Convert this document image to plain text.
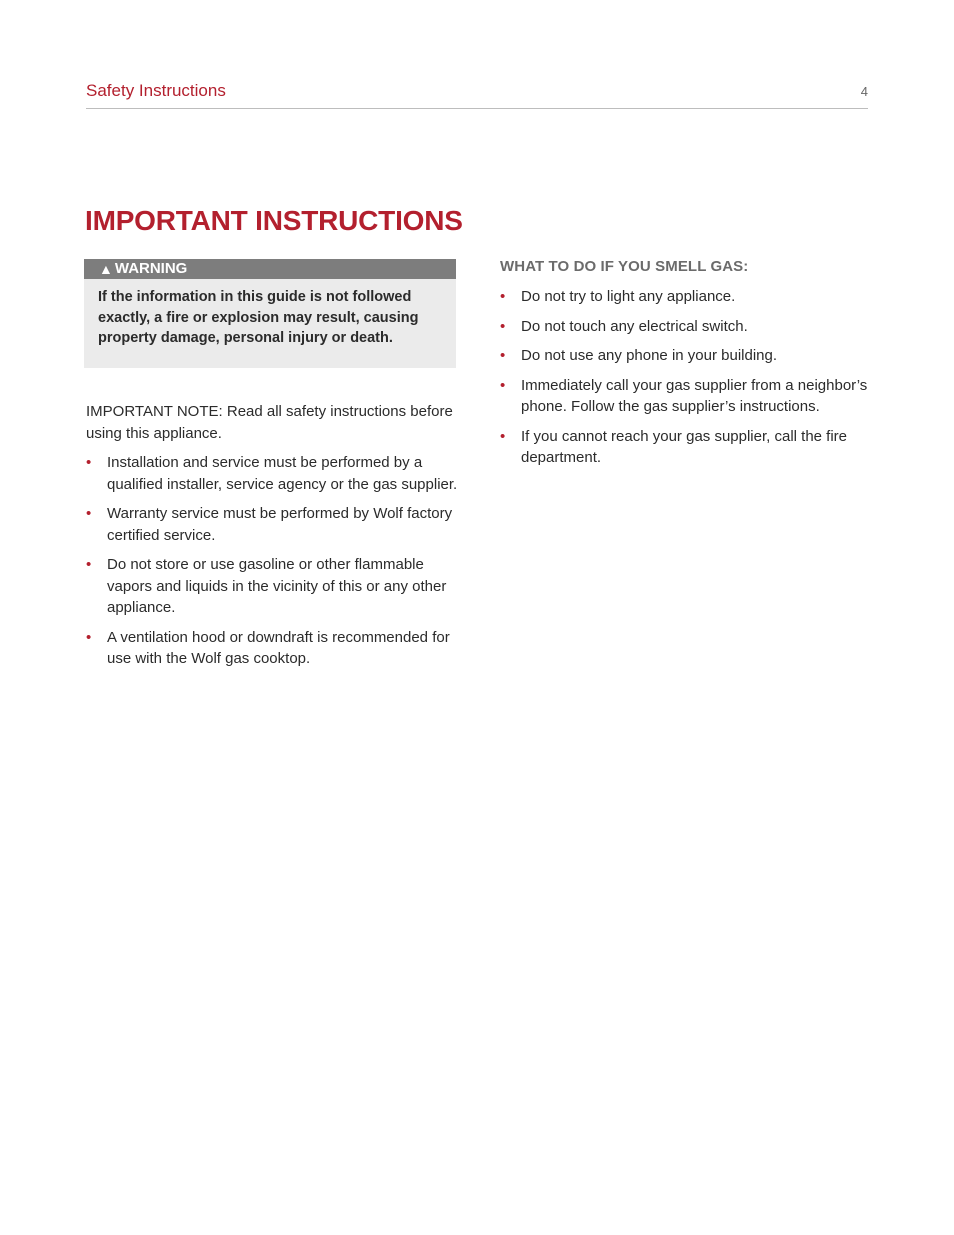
Safety Instructions	4
IMPORTANT INSTRUCTIONS
▲ WARNING

If the information in this guide is not followed exactly, a fire or explosion may result, causing property damage, personal injury or death.

IMPORTANT NOTE: Read all safety instructions before using this appliance.

• Installation and service must be performed by a qualified installer, service agency or the gas supplier.
• Warranty service must be performed by Wolf factory certified service.
• Do not store or use gasoline or other flammable vapors and liquids in the vicinity of this or any other appliance.
• A ventilation hood or downdraft is recommended for use with the Wolf gas cooktop.
WHAT TO DO IF YOU SMELL GAS:
• Do not try to light any appliance.
• Do not touch any electrical switch.
• Do not use any phone in your building.
• Immediately call your gas supplier from a neighbor’s phone. Follow the gas supplier’s instructions.
• If you cannot reach your gas supplier, call the fire department.
